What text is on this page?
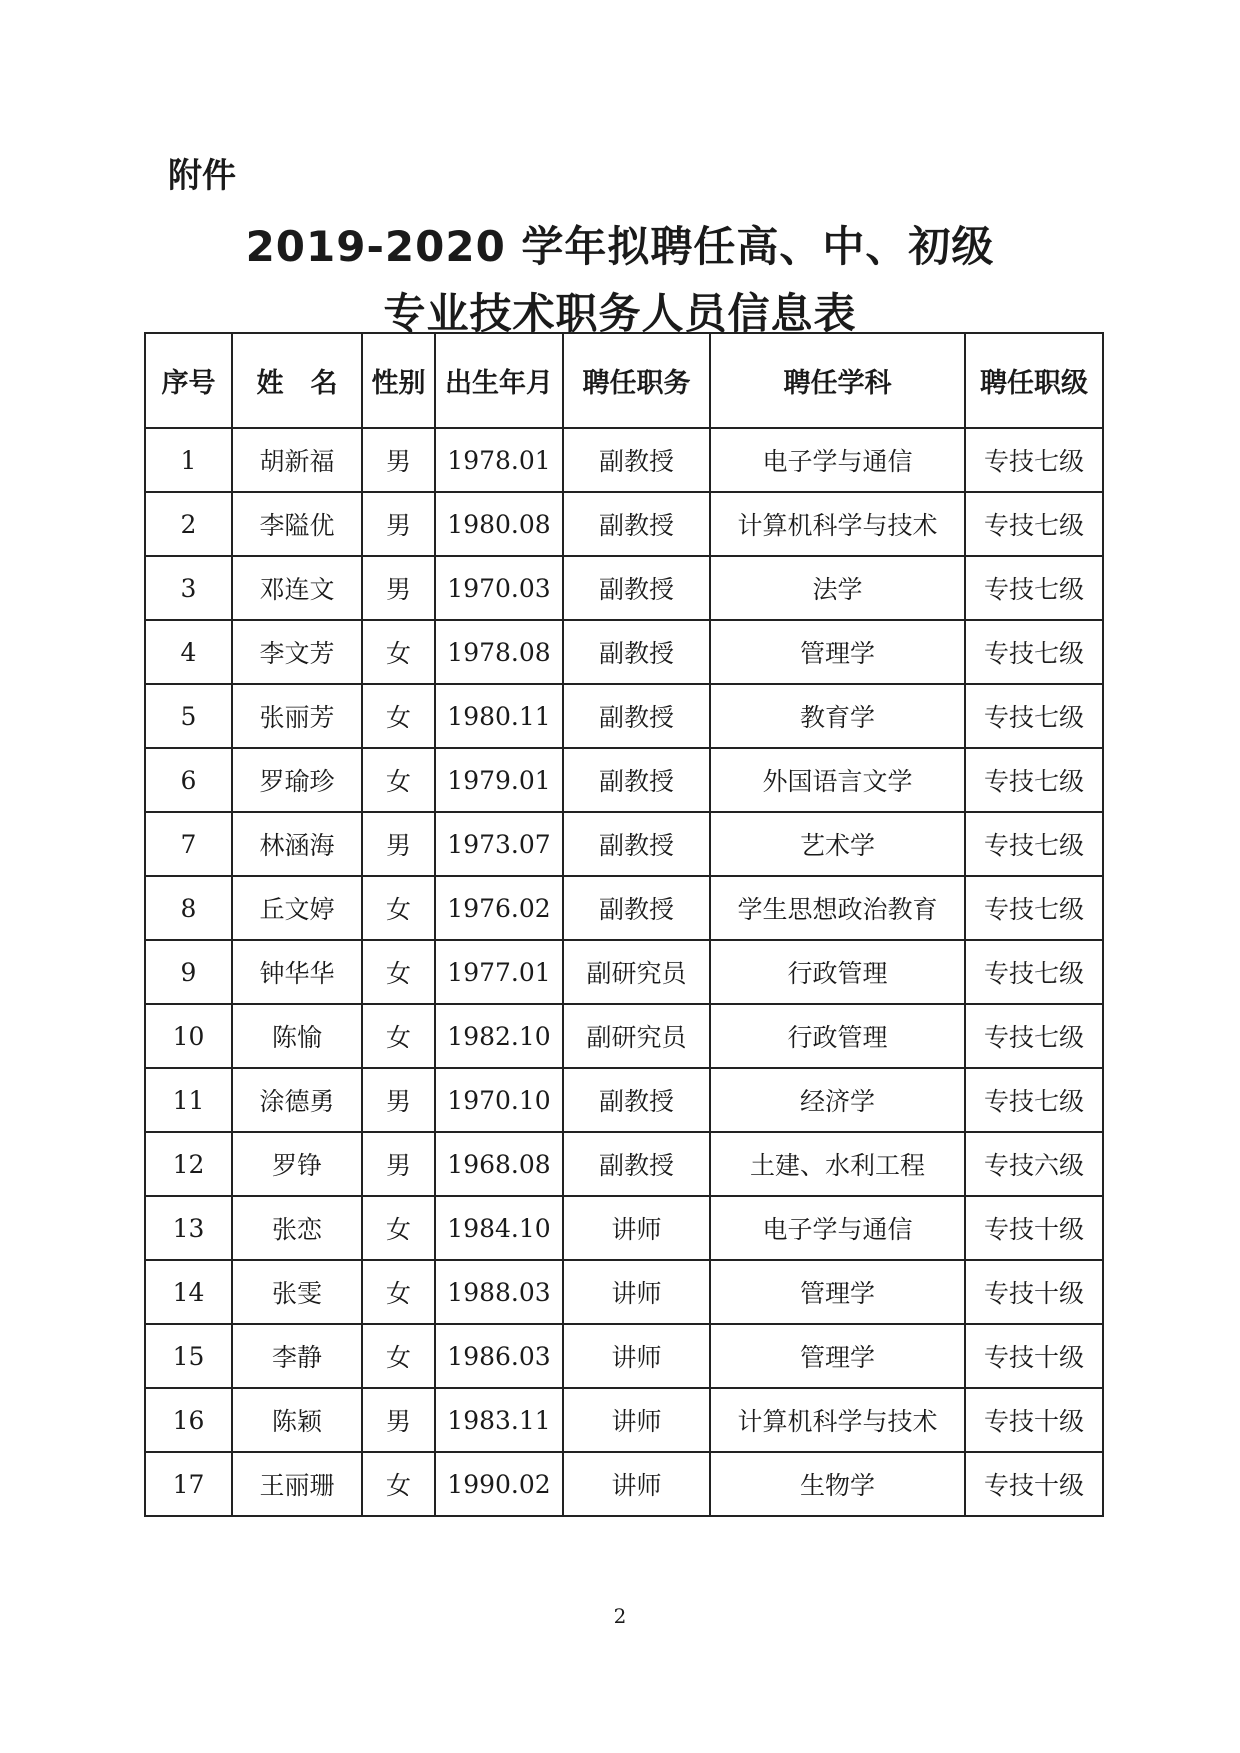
附件
2019-2020 学年拟聘任高、中、初级
专业技术职务人员信息表
序号	姓　名	性别	出生年月	聘任职务	聘任学科	聘任职级
1	胡新福	男	1978.01	副教授	电子学与通信	专技七级
2	李隘优	男	1980.08	副教授	计算机科学与技术	专技七级
3	邓连文	男	1970.03	副教授	法学	专技七级
4	李文芳	女	1978.08	副教授	管理学	专技七级
5	张丽芳	女	1980.11	副教授	教育学	专技七级
6	罗瑜珍	女	1979.01	副教授	外国语言文学	专技七级
7	林涵海	男	1973.07	副教授	艺术学	专技七级
8	丘文婷	女	1976.02	副教授	学生思想政治教育	专技七级
9	钟华华	女	1977.01	副研究员	行政管理	专技七级
10	陈愉	女	1982.10	副研究员	行政管理	专技七级
11	涂德勇	男	1970.10	副教授	经济学	专技七级
12	罗铮	男	1968.08	副教授	土建、水利工程	专技六级
13	张恋	女	1984.10	讲师	电子学与通信	专技十级
14	张雯	女	1988.03	讲师	管理学	专技十级
15	李静	女	1986.03	讲师	管理学	专技十级
16	陈颖	男	1983.11	讲师	计算机科学与技术	专技十级
17	王丽珊	女	1990.02	讲师	生物学	专技十级
2
